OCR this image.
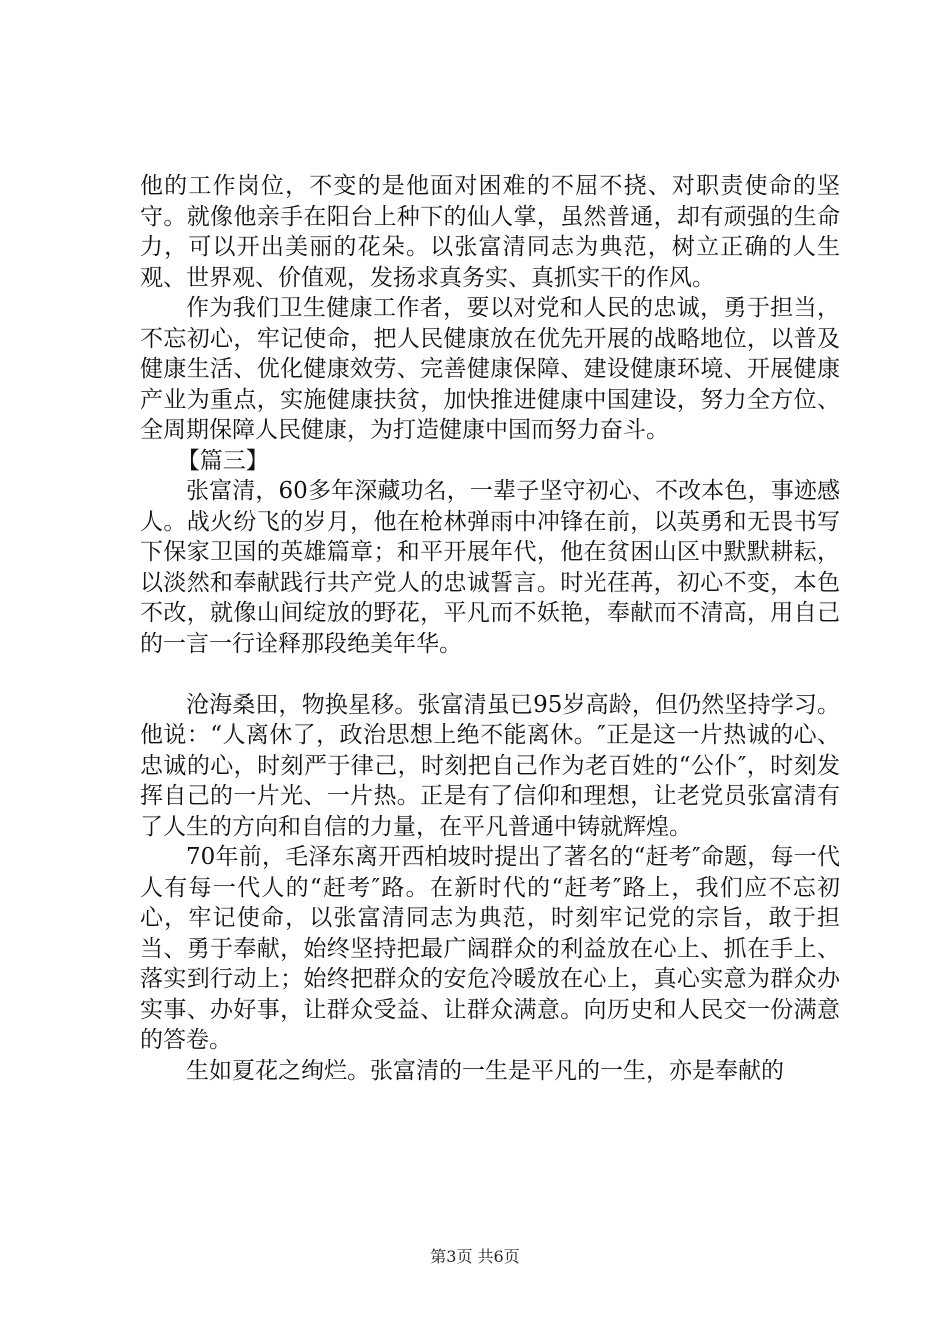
他的工作岗位，不变的是他面对困难的不屈不挠、对职责使命的坚守。就像他亲手在阳台上种下的仙人掌，虽然普通，却有顽强的生命力，可以开出美丽的花朵。以张富清同志为典范，树立正确的人生观、世界观、价值观，发扬求真务实、真抓实干的作风。

作为我们卫生健康工作者，要以对党和人民的忠诚，勇于担当，不忘初心，牢记使命，把人民健康放在优先开展的战略地位，以普及健康生活、优化健康效劳、完善健康保障、建设健康环境、开展健康产业为重点，实施健康扶贫，加快推进健康中国建设，努力全方位、全周期保障人民健康，为打造健康中国而努力奋斗。

【篇三】

张富清，60多年深藏功名，一辈子坚守初心、不改本色，事迹感人。战火纷飞的岁月，他在枪林弹雨中冲锋在前，以英勇和无畏书写下保家卫国的英雄篇章；和平开展年代，他在贫困山区中默默耕耘，以淡然和奉献践行共产党人的忠诚誓言。时光荏苒，初心不变，本色不改，就像山间绽放的野花，平凡而不妖艳，奉献而不清高，用自己的一言一行诠释那段绝美年华。

沧海桑田，物换星移。张富清虽已95岁高龄，但仍然坚持学习。他说：“人离休了，政治思想上绝不能离休。″正是这一片热诚的心、忠诚的心，时刻严于律己，时刻把自己作为老百姓的“公仆″，时刻发挥自己的一片光、一片热。正是有了信仰和理想，让老党员张富清有了人生的方向和自信的力量，在平凡普通中铸就辉煌。

70年前，毛泽东离开西柏坡时提出了著名的“赶考″命题，每一代人有每一代人的“赶考″路。在新时代的“赶考″路上，我们应不忘初心，牢记使命，以张富清同志为典范，时刻牢记党的宗旨，敢于担当、勇于奉献，始终坚持把最广阔群众的利益放在心上、抓在手上、落实到行动上；始终把群众的安危冷暖放在心上，真心实意为群众办实事、办好事，让群众受益、让群众满意。向历史和人民交一份满意的答卷。

生如夏花之绚烂。张富清的一生是平凡的一生，亦是奉献的

第3页 共6页
